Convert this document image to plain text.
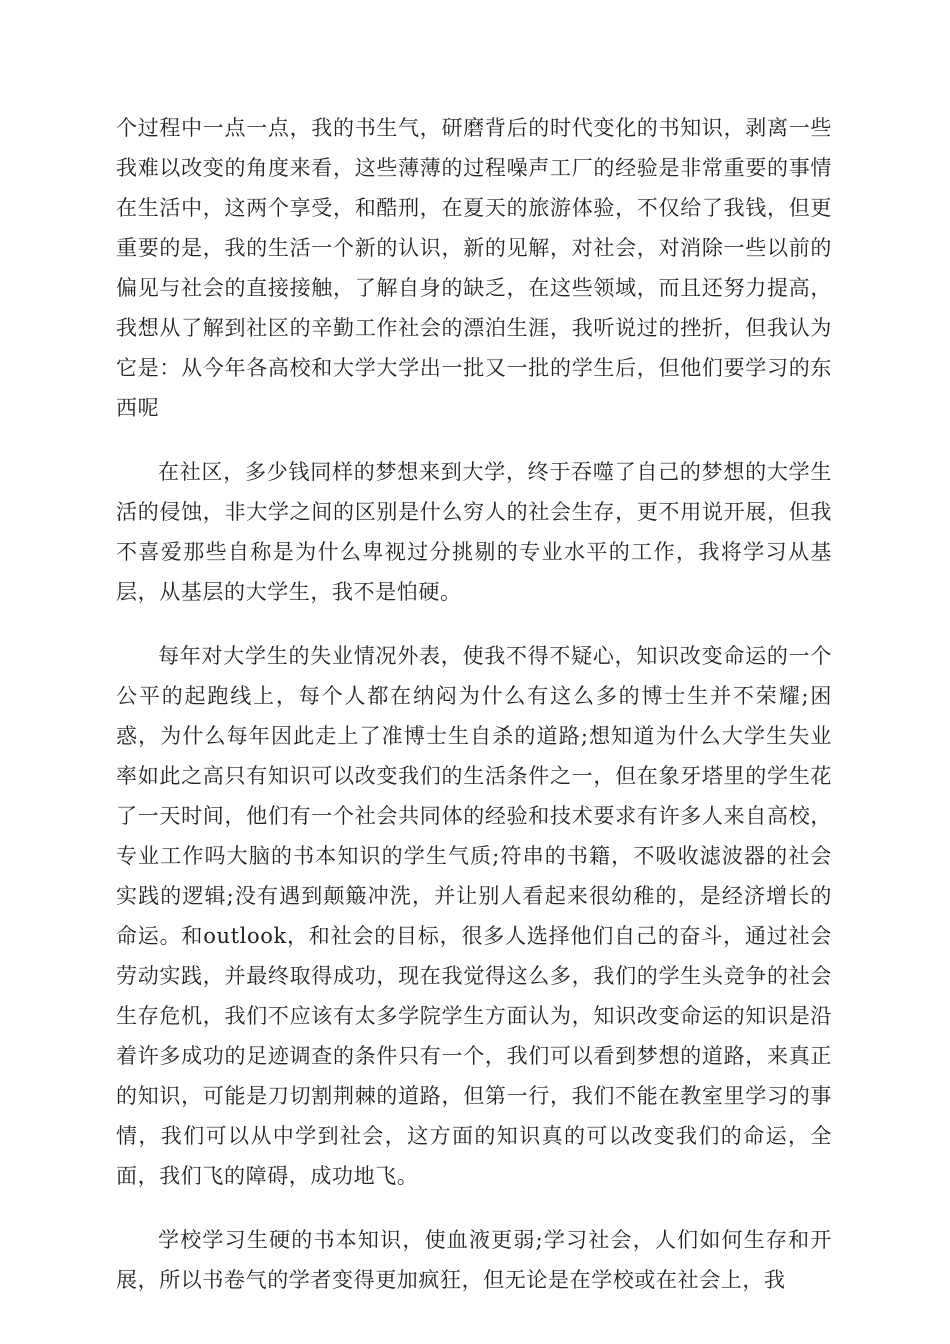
个过程中一点一点，我的书生气，研磨背后的时代变化的书知识，剥离一些我难以改变的角度来看，这些薄薄的过程噪声工厂的经验是非常重要的事情在生活中，这两个享受，和酷刑，在夏天的旅游体验，不仅给了我钱，但更重要的是，我的生活一个新的认识，新的见解，对社会，对消除一些以前的偏见与社会的直接接触，了解自身的缺乏，在这些领域，而且还努力提高，我想从了解到社区的辛勤工作社会的漂泊生涯，我听说过的挫折，但我认为它是：从今年各高校和大学大学出一批又一批的学生后，但他们要学习的东西呢

在社区，多少钱同样的梦想来到大学，终于吞噬了自己的梦想的大学生活的侵蚀，非大学之间的区别是什么穷人的社会生存，更不用说开展，但我不喜爱那些自称是为什么卑视过分挑剔的专业水平的工作，我将学习从基层，从基层的大学生，我不是怕硬。

每年对大学生的失业情况外表，使我不得不疑心，知识改变命运的一个公平的起跑线上，每个人都在纳闷为什么有这么多的博士生并不荣耀;困惑，为什么每年因此走上了准博士生自杀的道路;想知道为什么大学生失业率如此之高只有知识可以改变我们的生活条件之一，但在象牙塔里的学生花了一天时间，他们有一个社会共同体的经验和技术要求有许多人来自高校，专业工作吗大脑的书本知识的学生气质;符串的书籍，不吸收滤波器的社会实践的逻辑;没有遇到颠簸冲洗，并让别人看起来很幼稚的，是经济增长的命运。和outlook，和社会的目标，很多人选择他们自己的奋斗，通过社会劳动实践，并最终取得成功，现在我觉得这么多，我们的学生头竞争的社会生存危机，我们不应该有太多学院学生方面认为，知识改变命运的知识是沿着许多成功的足迹调查的条件只有一个，我们可以看到梦想的道路，来真正的知识，可能是刀切割荆棘的道路，但第一行，我们不能在教室里学习的事情，我们可以从中学到社会，这方面的知识真的可以改变我们的命运，全面，我们飞的障碍，成功地飞。

学校学习生硬的书本知识，使血液更弱;学习社会，人们如何生存和开展，所以书卷气的学者变得更加疯狂，但无论是在学校或在社会上，我
